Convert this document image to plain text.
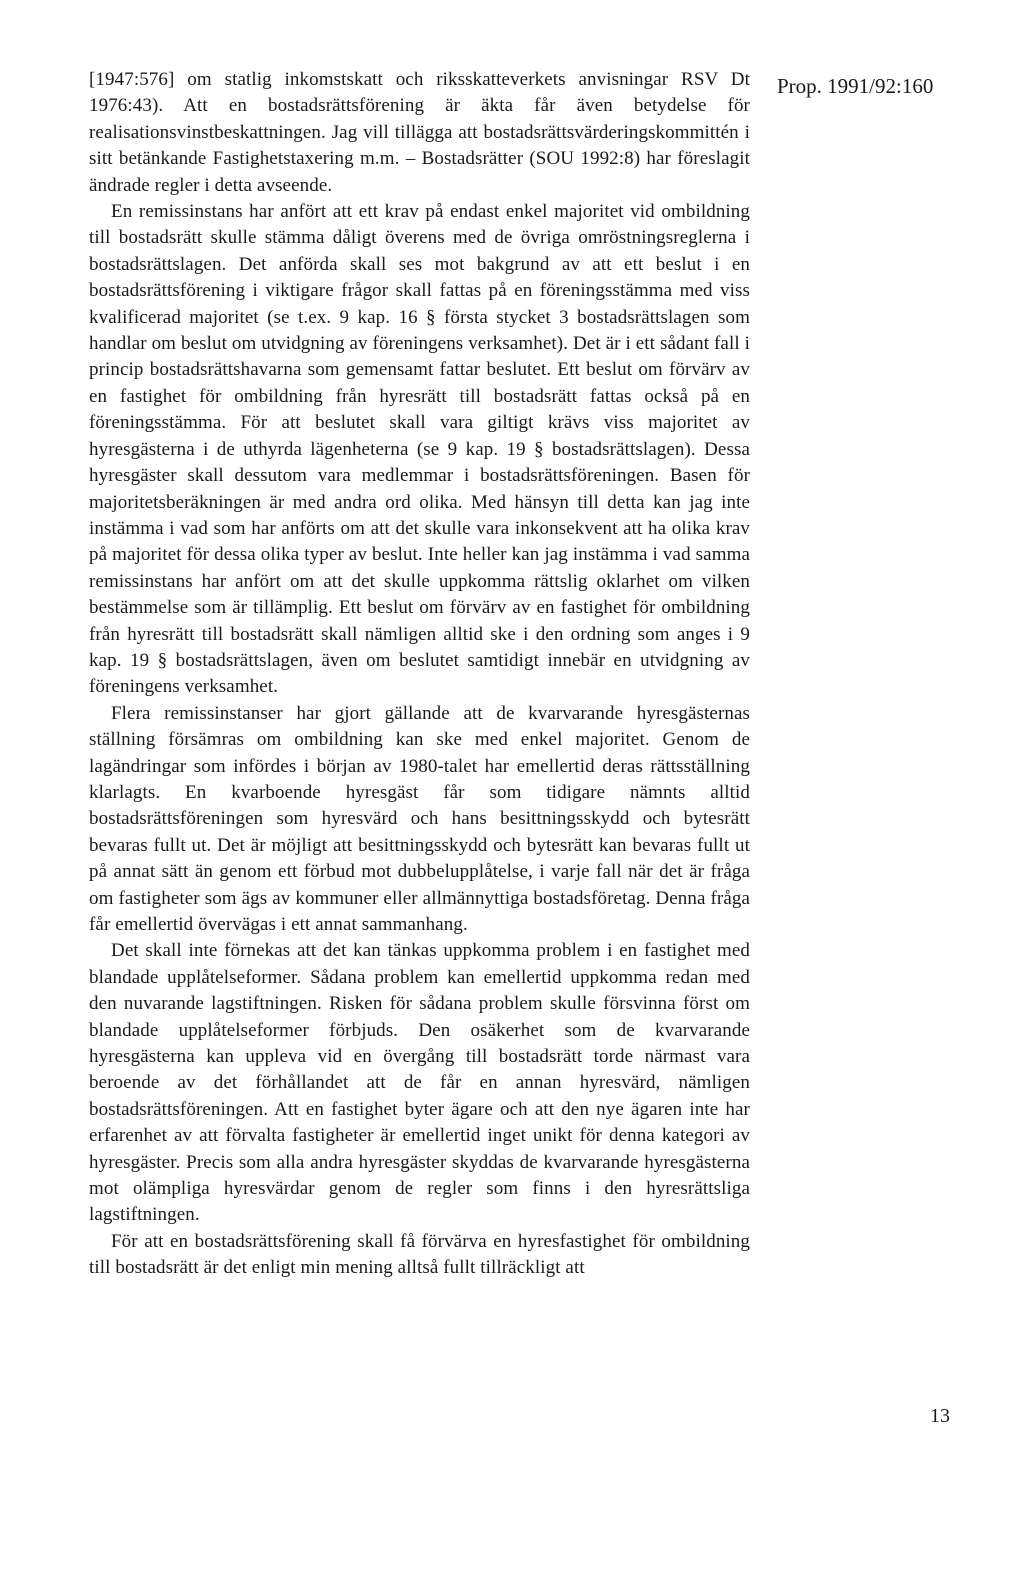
Prop. 1991/92:160

[1947:576] om statlig inkomstskatt och riksskatteverkets anvisningar RSV Dt 1976:43). Att en bostadsrättsförening är äkta får även betydelse för realisationsvinstbeskattningen. Jag vill tillägga att bostadsrättsvärderingskommittén i sitt betänkande Fastighetstaxering m.m. – Bostadsrätter (SOU 1992:8) har föreslagit ändrade regler i detta avseende.

En remissinstans har anfört att ett krav på endast enkel majoritet vid ombildning till bostadsrätt skulle stämma dåligt överens med de övriga omröstningsreglerna i bostadsrättslagen. Det anförda skall ses mot bakgrund av att ett beslut i en bostadsrättsförening i viktigare frågor skall fattas på en föreningsstämma med viss kvalificerad majoritet (se t.ex. 9 kap. 16 § första stycket 3 bostadsrättslagen som handlar om beslut om utvidgning av föreningens verksamhet). Det är i ett sådant fall i princip bostadsrättshavarna som gemensamt fattar beslutet. Ett beslut om förvärv av en fastighet för ombildning från hyresrätt till bostadsrätt fattas också på en föreningsstämma. För att beslutet skall vara giltigt krävs viss majoritet av hyresgästerna i de uthyrda lägenheterna (se 9 kap. 19 § bostadsrättslagen). Dessa hyresgäster skall dessutom vara medlemmar i bostadsrättsföreningen. Basen för majoritetsberäkningen är med andra ord olika. Med hänsyn till detta kan jag inte instämma i vad som har anförts om att det skulle vara inkonsekvent att ha olika krav på majoritet för dessa olika typer av beslut. Inte heller kan jag instämma i vad samma remissinstans har anfört om att det skulle uppkomma rättslig oklarhet om vilken bestämmelse som är tillämplig. Ett beslut om förvärv av en fastighet för ombildning från hyresrätt till bostadsrätt skall nämligen alltid ske i den ordning som anges i 9 kap. 19 § bostadsrättslagen, även om beslutet samtidigt innebär en utvidgning av föreningens verksamhet.

Flera remissinstanser har gjort gällande att de kvarvarande hyresgästernas ställning försämras om ombildning kan ske med enkel majoritet. Genom de lagändringar som infördes i början av 1980-talet har emellertid deras rättsställning klarlagts. En kvarboende hyresgäst får som tidigare nämnts alltid bostadsrättsföreningen som hyresvärd och hans besittningsskydd och bytesrätt bevaras fullt ut. Det är möjligt att besittningsskydd och bytesrätt kan bevaras fullt ut på annat sätt än genom ett förbud mot dubbelupplåtelse, i varje fall när det är fråga om fastigheter som ägs av kommuner eller allmännyttiga bostadsföretag. Denna fråga får emellertid övervägas i ett annat sammanhang.

Det skall inte förnekas att det kan tänkas uppkomma problem i en fastighet med blandade upplåtelseformer. Sådana problem kan emellertid uppkomma redan med den nuvarande lagstiftningen. Risken för sådana problem skulle försvinna först om blandade upplåtelseformer förbjuds. Den osäkerhet som de kvarvarande hyresgästerna kan uppleva vid en övergång till bostadsrätt torde närmast vara beroende av det förhållandet att de får en annan hyresvärd, nämligen bostadsrättsföreningen. Att en fastighet byter ägare och att den nye ägaren inte har erfarenhet av att förvalta fastigheter är emellertid inget unikt för denna kategori av hyresgäster. Precis som alla andra hyresgäster skyddas de kvarvarande hyresgästerna mot olämpliga hyresvärdar genom de regler som finns i den hyresrättsliga lagstiftningen.

För att en bostadsrättsförening skall få förvärva en hyresfastighet för ombildning till bostadsrätt är det enligt min mening alltså fullt tillräckligt att

13
